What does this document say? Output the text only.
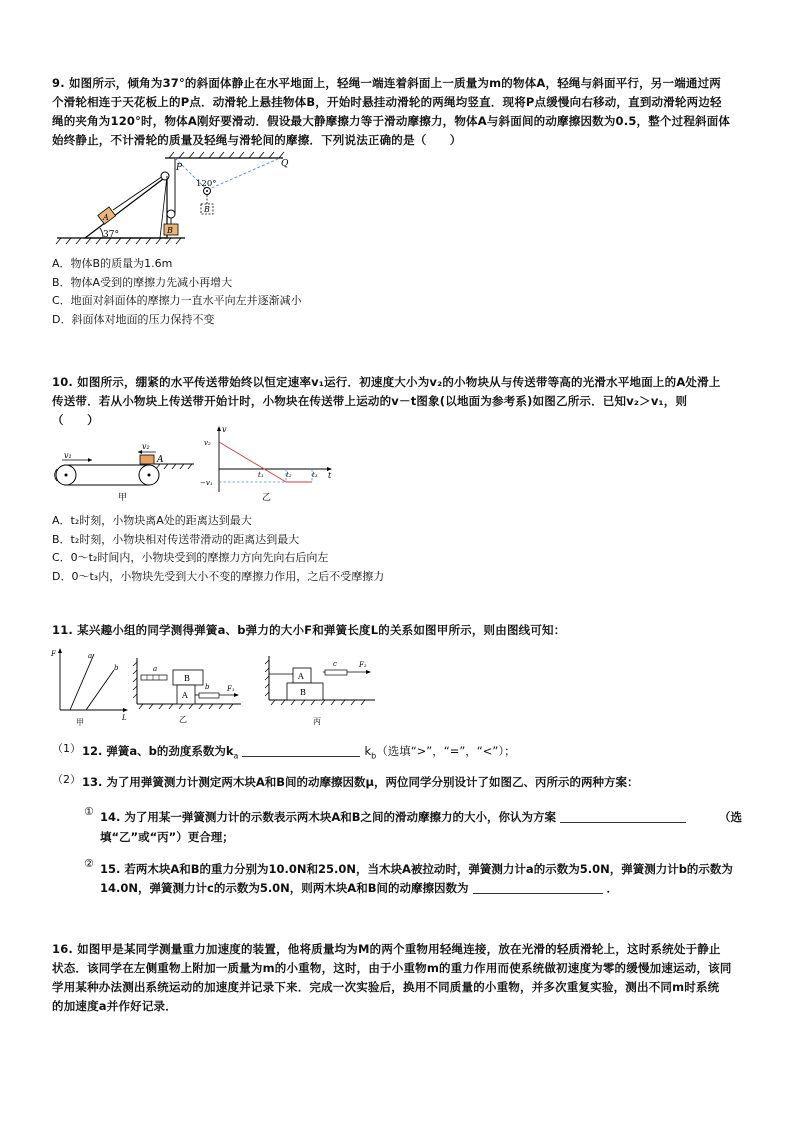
9. 如图所示，倾角为37°的斜面体静止在水平地面上，轻绳一端连着斜面上一质量为m的物体A，轻绳与斜面平行，另一端通过两

个滑轮相连于天花板上的P点．动滑轮上悬挂物体B，开始时悬挂动滑轮的两绳均竖直．现将P点缓慢向右移动，直到动滑轮两边轻

绳的夹角为120°时，物体A刚好要滑动．假设最大静摩擦力等于滑动摩擦力，物体A与斜面间的动摩擦因数为0.5，整个过程斜面体

始终静止，不计滑轮的质量及轻绳与滑轮间的摩擦．下列说法正确的是（　　）

P	Q
120°
A
B
B
37°

A．物体B的质量为1.6m

B．物体A受到的摩擦力先减小再增大

C．地面对斜面体的摩擦力一直水平向左并逐渐减小

D．斜面体对地面的压力保持不变

10. 如图所示，绷紧的水平传送带始终以恒定速率v₁运行．初速度大小为v₂的小物块从与传送带等高的光滑水平地面上的A处滑上

传送带．若从小物块上传送带开始计时，小物块在传送带上运动的v－t图象(以地面为参考系)如图乙所示．已知v₂＞v₁，则

（　　）

v₁
v₂
A
甲
v
t
v₂
−v₁
t₁	t₂	t₃
乙

A．t₂时刻，小物块离A处的距离达到最大

B．t₂时刻，小物块相对传送带滑动的距离达到最大

C．0～t₂时间内，小物块受到的摩擦力方向先向右后向左

D．0～t₃内，小物块先受到大小不变的摩擦力作用，之后不受摩擦力

11. 某兴趣小组的同学测得弹簧a、b弹力的大小F和弹簧长度L的关系如图甲所示，则由图线可知：

F
L
a
b
甲
a
B
A
b	F₁
乙
A
B
c	F₂
丙
（1） 12. 弹簧a、b的劲度系数为$k_a$	$k_b$（选填“>”，“=”，“<”）；
（2） 13. 为了用弹簧测力计测定两木块A和B间的动摩擦因数μ，两位同学分别设计了如图乙、丙所示的两种方案：
① 14. 为了用某一弹簧测力计的示数表示两木块A和B之间的滑动摩擦力的大小，你认为方案	（选
填“乙”或“丙”）更合理；
② 15. 若两木块A和B的重力分别为10.0N和25.0N，当木块A被拉动时，弹簧测力计a的示数为5.0N，弹簧测力计b的示数为
14.0N，弹簧测力计c的示数为5.0N，则两木块A和B间的动摩擦因数为	．

16. 如图甲是某同学测量重力加速度的装置，他将质量均为M的两个重物用轻绳连接，放在光滑的轻质滑轮上，这时系统处于静止

状态．该同学在左侧重物上附加一质量为m的小重物，这时，由于小重物m的重力作用而使系统做初速度为零的缓慢加速运动，该同

学用某种办法测出系统运动的加速度并记录下来．完成一次实验后，换用不同质量的小重物，并多次重复实验，测出不同m时系统

的加速度a并作好记录．
